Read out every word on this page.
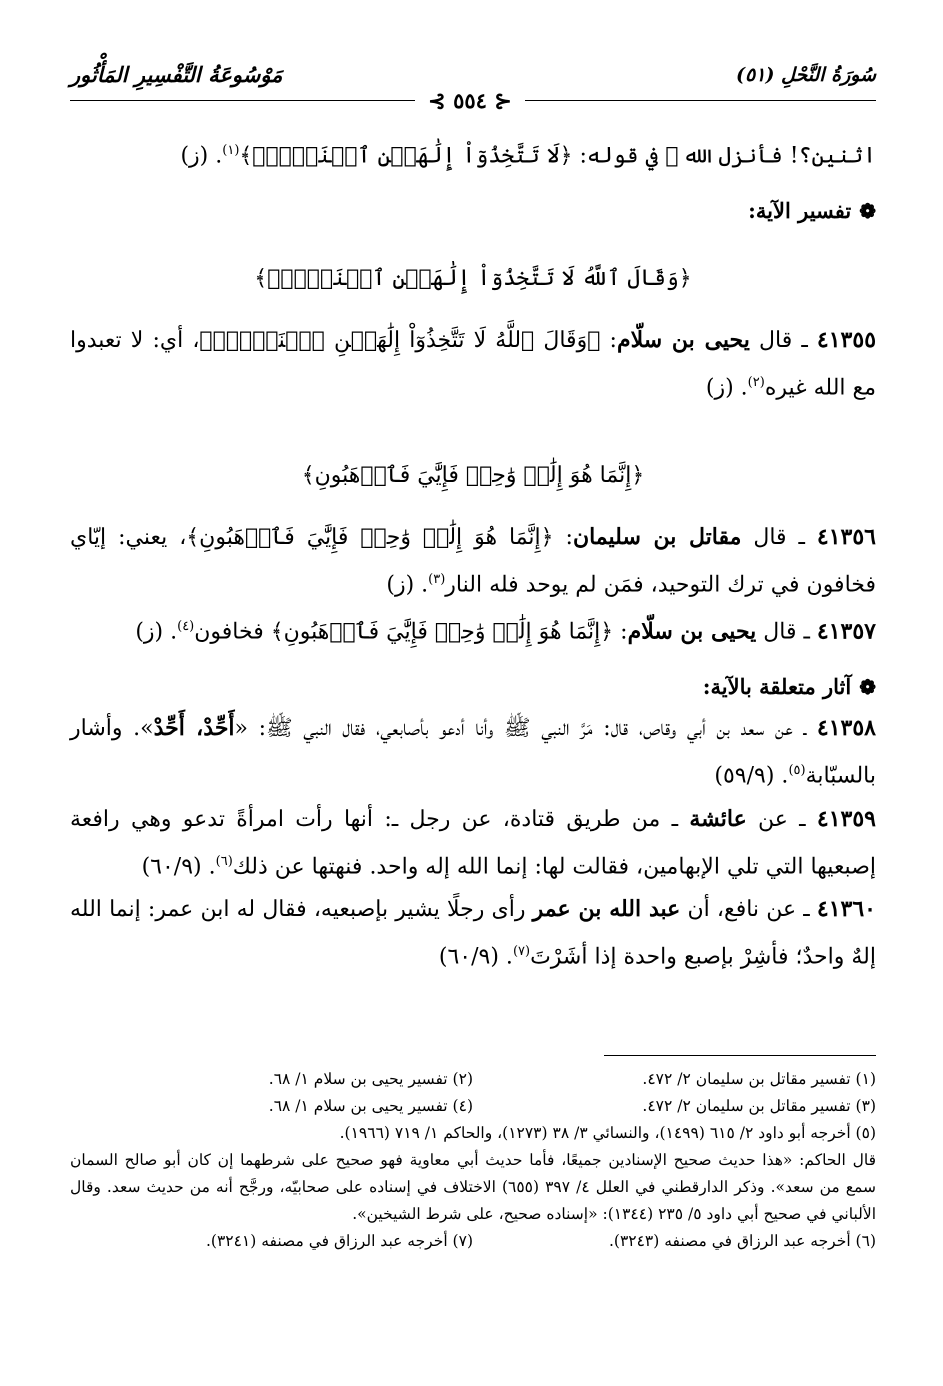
سُورَةُ النَّحْلِ (٥١)
مَوْسُوعَةُ التَّفْسِيرِ المَأْثُور
⊰ ٥٥٤ ⊱

اثنين؟! فأنزل الله ﷻ في قوله: ﴿لَا تَتَّخِذُوٓاْ إِلَٰهَيۡنِ ٱثۡنَيۡنِۖ﴾$^{(١)}$. (ز)

❁تفسير الآية:

﴿وَقَالَ ٱللَّهُ لَا تَتَّخِذُوٓاْ إِلَٰهَيۡنِ ٱثۡنَيۡنِۖ﴾

٤١٣٥٥ ـ قال يحيى بن سلّام: ﴿وَقَالَ ٱللَّهُ لَا تَتَّخِذُوٓاْ إِلَٰهَيۡنِ ٱثۡنَيۡنِۖ﴾، أي: لا تعبدوا مع الله غيره$^{(٢)}$. (ز)

﴿إِنَّمَا هُوَ إِلَٰهٞ وَٰحِدٞ فَإِيَّٰيَ فَٱرۡهَبُونِ﴾

٤١٣٥٦ ـ قال مقاتل بن سليمان: ﴿إِنَّمَا هُوَ إِلَٰهٞ وَٰحِدٞ فَإِيَّٰيَ فَٱرۡهَبُونِ﴾، يعني: إيّاي فخافون في ترك التوحيد، فمَن لم يوحد فله النار$^{(٣)}$. (ز)

٤١٣٥٧ ـ قال يحيى بن سلّام: ﴿إِنَّمَا هُوَ إِلَٰهٞ وَٰحِدٞ فَإِيَّٰيَ فَٱرۡهَبُونِ﴾ فخافون$^{(٤)}$. (ز)

❁آثار متعلقة بالآية:

٤١٣٥٨ ـ عن سعد بن أبي وقاص، قال: مَرَّ النبي ﷺ وأنا أدعو بأصابعي، فقال النبي ﷺ: «أَحِّدْ، أَحِّدْ». وأشار بالسبّابة$^{(٥)}$. (٥٩/٩)

٤١٣٥٩ ـ عن عائشة ـ من طريق قتادة، عن رجل ـ: أنها رأت امرأةً تدعو وهي رافعة إصبعيها التي تلي الإبهامين، فقالت لها: إنما الله إله واحد. فنهتها عن ذلك$^{(٦)}$. (٦٠/٩)

٤١٣٦٠ ـ عن نافع، أن عبد الله بن عمر رأى رجلًا يشير بإصبعيه، فقال له ابن عمر: إنما الله إلهٌ واحدٌ؛ فأشِرْ بإصبع واحدة إذا أشَرْتَ$^{(٧)}$. (٦٠/٩)

(١) تفسير مقاتل بن سليمان ٢/ ٤٧٢.
(٢) تفسير يحيى بن سلام ١/ ٦٨.
(٣) تفسير مقاتل بن سليمان ٢/ ٤٧٢.
(٤) تفسير يحيى بن سلام ١/ ٦٨.
(٥) أخرجه أبو داود ٢/ ٦١٥ (١٤٩٩)، والنسائي ٣/ ٣٨ (١٢٧٣)، والحاكم ١/ ٧١٩ (١٩٦٦).
قال الحاكم: «هذا حديث صحيح الإسنادين جميعًا، فأما حديث أبي معاوية فهو صحيح على شرطهما إن كان أبو صالح السمان سمع من سعد». وذكر الدارقطني في العلل ٤/ ٣٩٧ (٦٥٥) الاختلاف في إسناده على صحابيّه، ورجَّح أنه من حديث سعد. وقال الألباني في صحيح أبي داود ٥/ ٢٣٥ (١٣٤٤): «إسناده صحيح، على شرط الشيخين».
(٦) أخرجه عبد الرزاق في مصنفه (٣٢٤٣).
(٧) أخرجه عبد الرزاق في مصنفه (٣٢٤١).
